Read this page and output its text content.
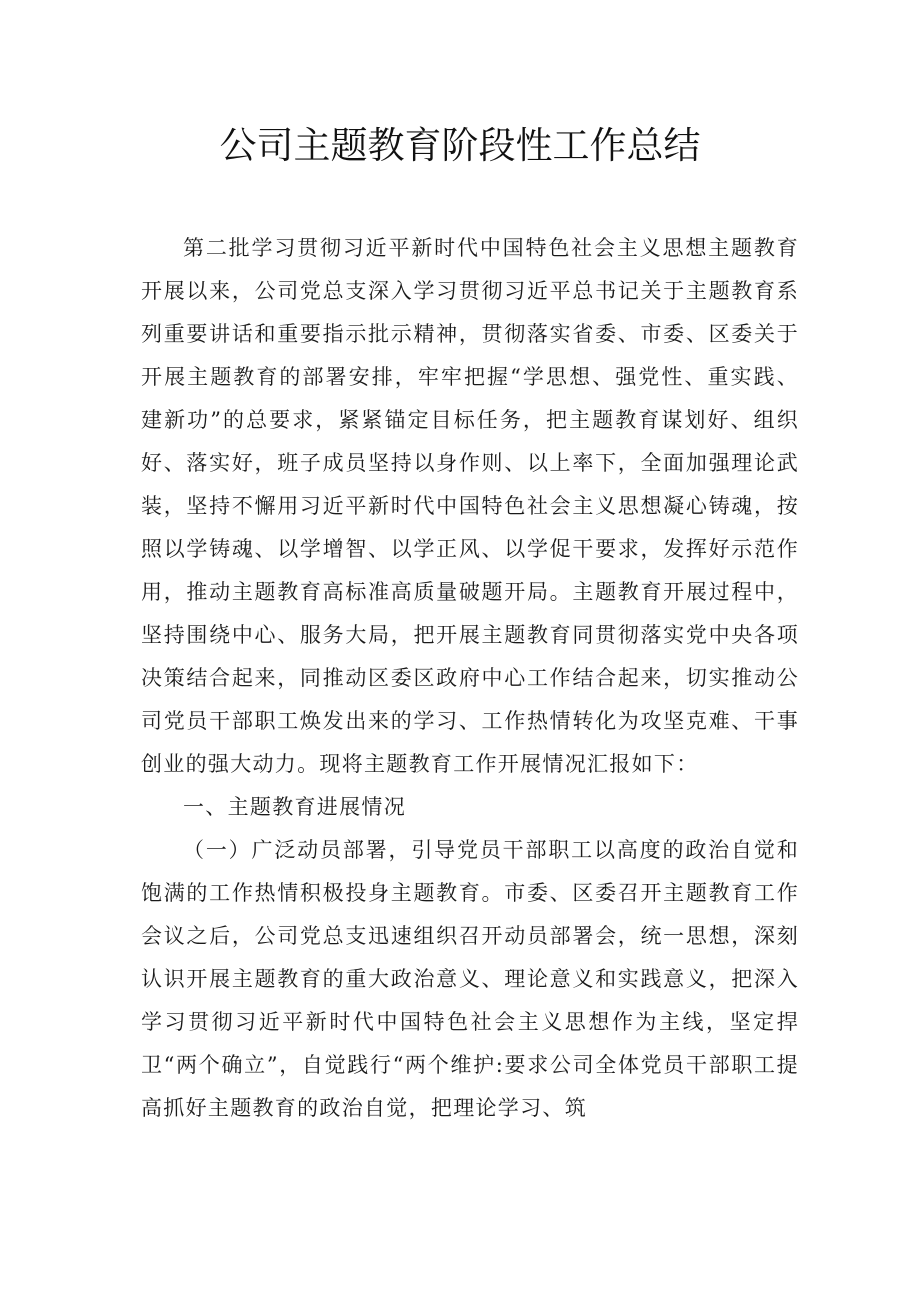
公司主题教育阶段性工作总结

第二批学习贯彻习近平新时代中国特色社会主义思想主题教育开展以来，公司党总支深入学习贯彻习近平总书记关于主题教育系列重要讲话和重要指示批示精神，贯彻落实省委、市委、区委关于开展主题教育的部署安排，牢牢把握“学思想、强党性、重实践、建新功”的总要求，紧紧锚定目标任务，把主题教育谋划好、组织好、落实好，班子成员坚持以身作则、以上率下，全面加强理论武装，坚持不懈用习近平新时代中国特色社会主义思想凝心铸魂，按照以学铸魂、以学增智、以学正风、以学促干要求，发挥好示范作用，推动主题教育高标准高质量破题开局。主题教育开展过程中，坚持围绕中心、服务大局，把开展主题教育同贯彻落实党中央各项决策结合起来，同推动区委区政府中心工作结合起来，切实推动公司党员干部职工焕发出来的学习、工作热情转化为攻坚克难、干事创业的强大动力。现将主题教育工作开展情况汇报如下：

一、主题教育进展情况

（一）广泛动员部署，引导党员干部职工以高度的政治自觉和饱满的工作热情积极投身主题教育。市委、区委召开主题教育工作会议之后，公司党总支迅速组织召开动员部署会，统一思想，深刻认识开展主题教育的重大政治意义、理论意义和实践意义，把深入学习贯彻习近平新时代中国特色社会主义思想作为主线，坚定捍卫“两个确立”，自觉践行“两个维护:要求公司全体党员干部职工提高抓好主题教育的政治自觉，把理论学习、筑
